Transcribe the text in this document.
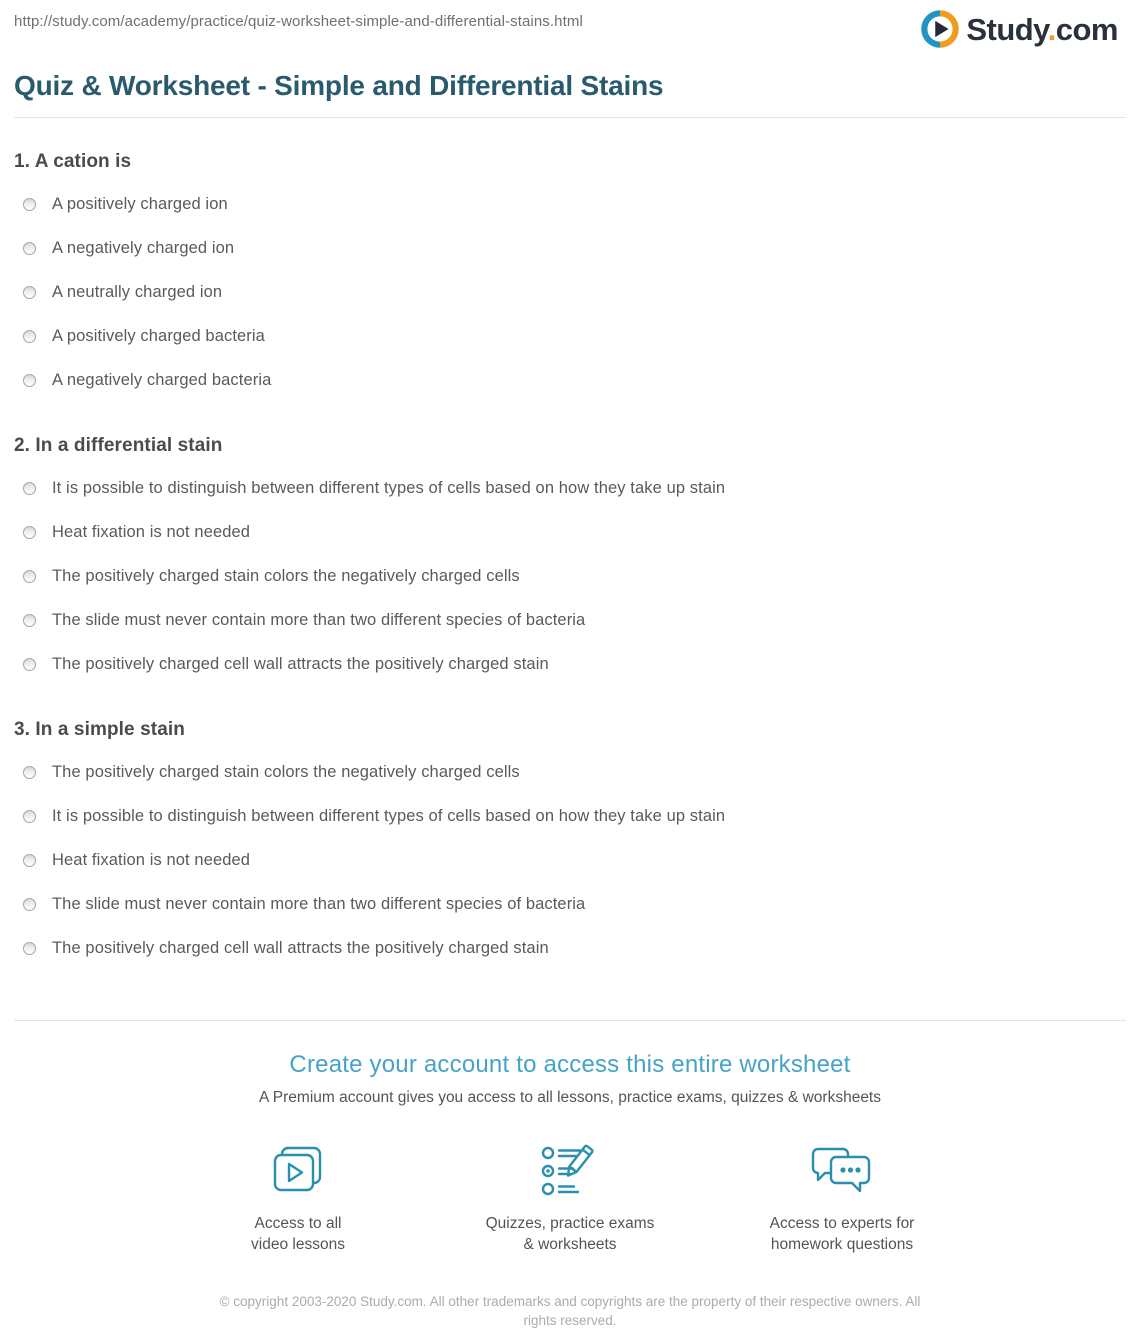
http://study.com/academy/practice/quiz-worksheet-simple-and-differential-stains.html	Study.com
Quiz & Worksheet - Simple and Differential Stains
1. A cation is
A positively charged ion
A negatively charged ion
A neutrally charged ion
A positively charged bacteria
A negatively charged bacteria
2. In a differential stain
It is possible to distinguish between different types of cells based on how they take up stain
Heat fixation is not needed
The positively charged stain colors the negatively charged cells
The slide must never contain more than two different species of bacteria
The positively charged cell wall attracts the positively charged stain
3. In a simple stain
The positively charged stain colors the negatively charged cells
It is possible to distinguish between different types of cells based on how they take up stain
Heat fixation is not needed
The slide must never contain more than two different species of bacteria
The positively charged cell wall attracts the positively charged stain
Create your account to access this entire worksheet
A Premium account gives you access to all lessons, practice exams, quizzes & worksheets
Access to all
video lessons
Quizzes, practice exams
& worksheets
Access to experts for
homework questions
© copyright 2003-2020 Study.com. All other trademarks and copyrights are the property of their respective owners. All rights reserved.
